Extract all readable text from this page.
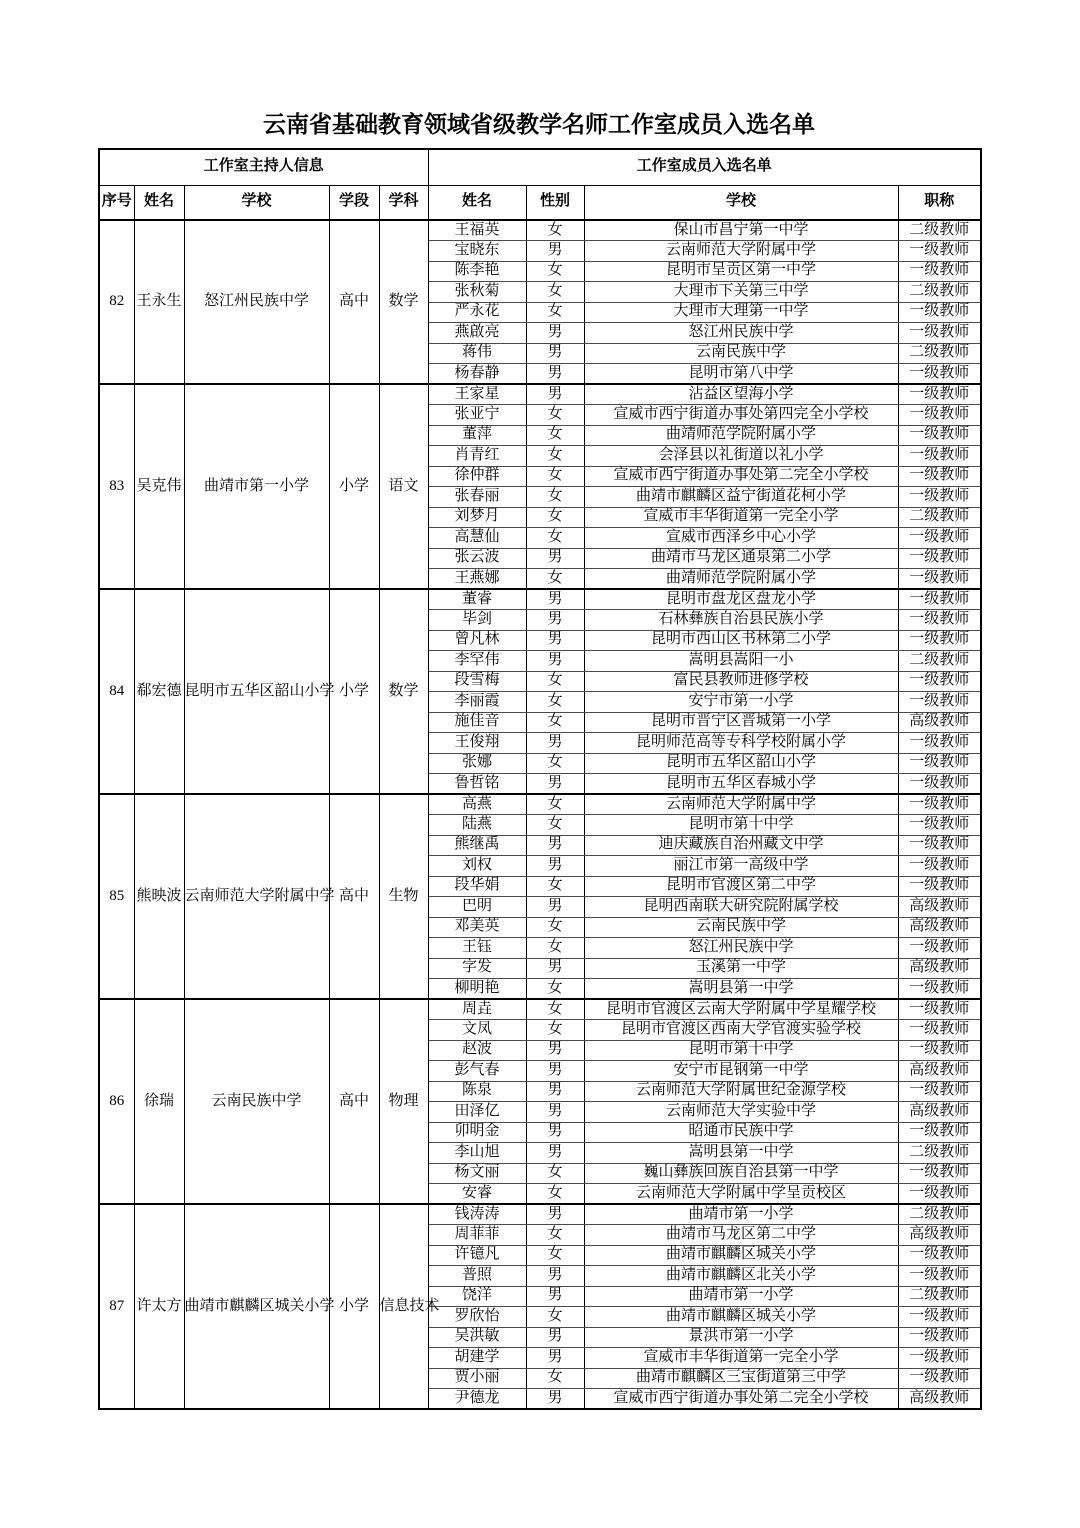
云南省基础教育领域省级教学名师工作室成员入选名单
工作室主持人信息					工作室成员入选名单			
序号	姓名	学校	学段	学科	姓名	性别	学校	职称
82	王永生	怒江州民族中学	高中	数学	王福英	女	保山市昌宁第一中学	二级教师
					宝晓东	男	云南师范大学附属中学	一级教师
					陈李艳	女	昆明市呈贡区第一中学	一级教师
					张秋菊	女	大理市下关第三中学	二级教师
					严永花	女	大理市大理第一中学	一级教师
					燕啟亮	男	怒江州民族中学	一级教师
					蒋伟	男	云南民族中学	二级教师
					杨春静	男	昆明市第八中学	一级教师
83	吴克伟	曲靖市第一小学	小学	语文	王家星	男	沾益区望海小学	一级教师
					张亚宁	女	宣威市西宁街道办事处第四完全小学校	一级教师
					董萍	女	曲靖师范学院附属小学	一级教师
					肖青红	女	会泽县以礼街道以礼小学	一级教师
					徐仲群	女	宣威市西宁街道办事处第二完全小学校	一级教师
					张春丽	女	曲靖市麒麟区益宁街道花柯小学	一级教师
					刘梦月	女	宣威市丰华街道第一完全小学	二级教师
					高慧仙	女	宣威市西泽乡中心小学	一级教师
					张云波	男	曲靖市马龙区通泉第二小学	一级教师
					王燕娜	女	曲靖师范学院附属小学	一级教师
84	郗宏德	昆明市五华区韶山小学	小学	数学	董睿	男	昆明市盘龙区盘龙小学	一级教师
					毕剑	男	石林彝族自治县民族小学	一级教师
					曾凡林	男	昆明市西山区书林第二小学	一级教师
					李罕伟	男	嵩明县嵩阳一小	二级教师
					段雪梅	女	富民县教师进修学校	一级教师
					李丽霞	女	安宁市第一小学	一级教师
					施佳音	女	昆明市晋宁区晋城第一小学	高级教师
					王俊翔	男	昆明师范高等专科学校附属小学	一级教师
					张娜	女	昆明市五华区韶山小学	一级教师
					鲁哲铭	男	昆明市五华区春城小学	一级教师
85	熊映波	云南师范大学附属中学	高中	生物	高燕	女	云南师范大学附属中学	一级教师
					陆燕	女	昆明市第十中学	一级教师
					熊继禹	男	迪庆藏族自治州藏文中学	一级教师
					刘权	男	丽江市第一高级中学	一级教师
					段华娟	女	昆明市官渡区第二中学	一级教师
					巴明	男	昆明西南联大研究院附属学校	高级教师
					邓美英	女	云南民族中学	高级教师
					王钰	女	怒江州民族中学	一级教师
					字发	男	玉溪第一中学	高级教师
					柳明艳	女	嵩明县第一中学	一级教师
86	徐瑞	云南民族中学	高中	物理	周垚	女	昆明市官渡区云南大学附属中学星耀学校	一级教师
					文凤	女	昆明市官渡区西南大学官渡实验学校	一级教师
					赵波	男	昆明市第十中学	一级教师
					彭气春	男	安宁市昆钢第一中学	高级教师
					陈泉	男	云南师范大学附属世纪金源学校	一级教师
					田泽亿	男	云南师范大学实验中学	高级教师
					卯明金	男	昭通市民族中学	一级教师
					李山旭	男	嵩明县第一中学	二级教师
					杨文丽	女	巍山彝族回族自治县第一中学	一级教师
					安睿	女	云南师范大学附属中学呈贡校区	一级教师
87	许太方	曲靖市麒麟区城关小学	小学	信息技术	钱涛涛	男	曲靖市第一小学	二级教师
					周菲菲	女	曲靖市马龙区第二中学	高级教师
					许镱凡	女	曲靖市麒麟区城关小学	一级教师
					普照	男	曲靖市麒麟区北关小学	一级教师
					饶洋	男	曲靖市第一小学	二级教师
					罗欣怡	女	曲靖市麒麟区城关小学	一级教师
					吴洪敏	男	景洪市第一小学	一级教师
					胡建学	男	宣威市丰华街道第一完全小学	一级教师
					贾小丽	女	曲靖市麒麟区三宝街道第三中学	一级教师
					尹德龙	男	宣威市西宁街道办事处第二完全小学校	高级教师
